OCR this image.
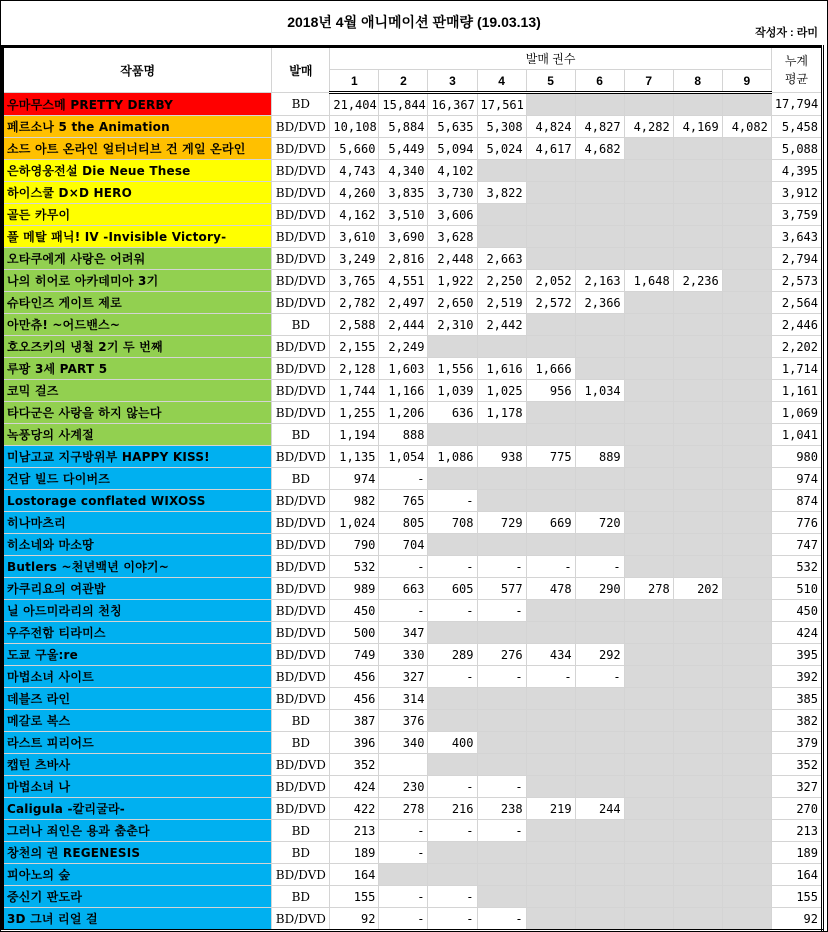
2018년 4월 애니메이션 판매량 (19.03.13)
작성자 : 라미
작품명	발매	발매 권수									누계
평균
		1	2	3	4	5	6	7	8	9	
우마무스메 PRETTY DERBY	BD	21,404	15,844	16,367	17,561						17,794
페르소나 5 the Animation	BD/DVD	10,108	5,884	5,635	5,308	4,824	4,827	4,282	4,169	4,082	5,458
소드 아트 온라인 얼터너티브 건 게일 온라인	BD/DVD	5,660	5,449	5,094	5,024	4,617	4,682				5,088
은하영웅전설 Die Neue These	BD/DVD	4,743	4,340	4,102							4,395
하이스쿨 D×D HERO	BD/DVD	4,260	3,835	3,730	3,822						3,912
골든 카무이	BD/DVD	4,162	3,510	3,606							3,759
풀 메탈 패닉! IV -Invisible Victory-	BD/DVD	3,610	3,690	3,628							3,643
오타쿠에게 사랑은 어려워	BD/DVD	3,249	2,816	2,448	2,663						2,794
나의 히어로 아카데미아 3기	BD/DVD	3,765	4,551	1,922	2,250	2,052	2,163	1,648	2,236		2,573
슈타인즈 게이트 제로	BD/DVD	2,782	2,497	2,650	2,519	2,572	2,366				2,564
아만츄! ~어드밴스~	BD	2,588	2,444	2,310	2,442						2,446
호오즈키의 냉철 2기 두 번째	BD/DVD	2,155	2,249								2,202
루팡 3세 PART 5	BD/DVD	2,128	1,603	1,556	1,616	1,666					1,714
코믹 걸즈	BD/DVD	1,744	1,166	1,039	1,025	956	1,034				1,161
타다군은 사랑을 하지 않는다	BD/DVD	1,255	1,206	636	1,178						1,069
녹풍당의 사계절	BD	1,194	888								1,041
미남고교 지구방위부 HAPPY KISS!	BD/DVD	1,135	1,054	1,086	938	775	889				980
건담 빌드 다이버즈	BD	974	-								974
Lostorage conflated WIXOSS	BD/DVD	982	765	-							874
히나마츠리	BD/DVD	1,024	805	708	729	669	720				776
히소네와 마소땅	BD/DVD	790	704								747
Butlers ~천년백년 이야기~	BD/DVD	532	-	-	-	-	-				532
카쿠리요의 여관밥	BD/DVD	989	663	605	577	478	290	278	202		510
닐 아드미라리의 천칭	BD/DVD	450	-	-	-						450
우주전함 티라미스	BD/DVD	500	347								424
도쿄 구울:re	BD/DVD	749	330	289	276	434	292				395
마법소녀 사이트	BD/DVD	456	327	-	-	-	-				392
데블즈 라인	BD/DVD	456	314								385
메갈로 복스	BD	387	376								382
라스트 피리어드	BD	396	340	400							379
캡틴 츠바사	BD/DVD	352									352
마법소녀 나	BD/DVD	424	230	-	-						327
Caligula -칼리굴라-	BD/DVD	422	278	216	238	219	244				270
그러나 죄인은 용과 춤춘다	BD	213	-	-	-						213
창천의 권 REGENESIS	BD	189	-								189
피아노의 숲	BD/DVD	164									164
중신기 판도라	BD	155	-	-							155
3D 그녀 리얼 걸	BD/DVD	92	-	-	-						92
